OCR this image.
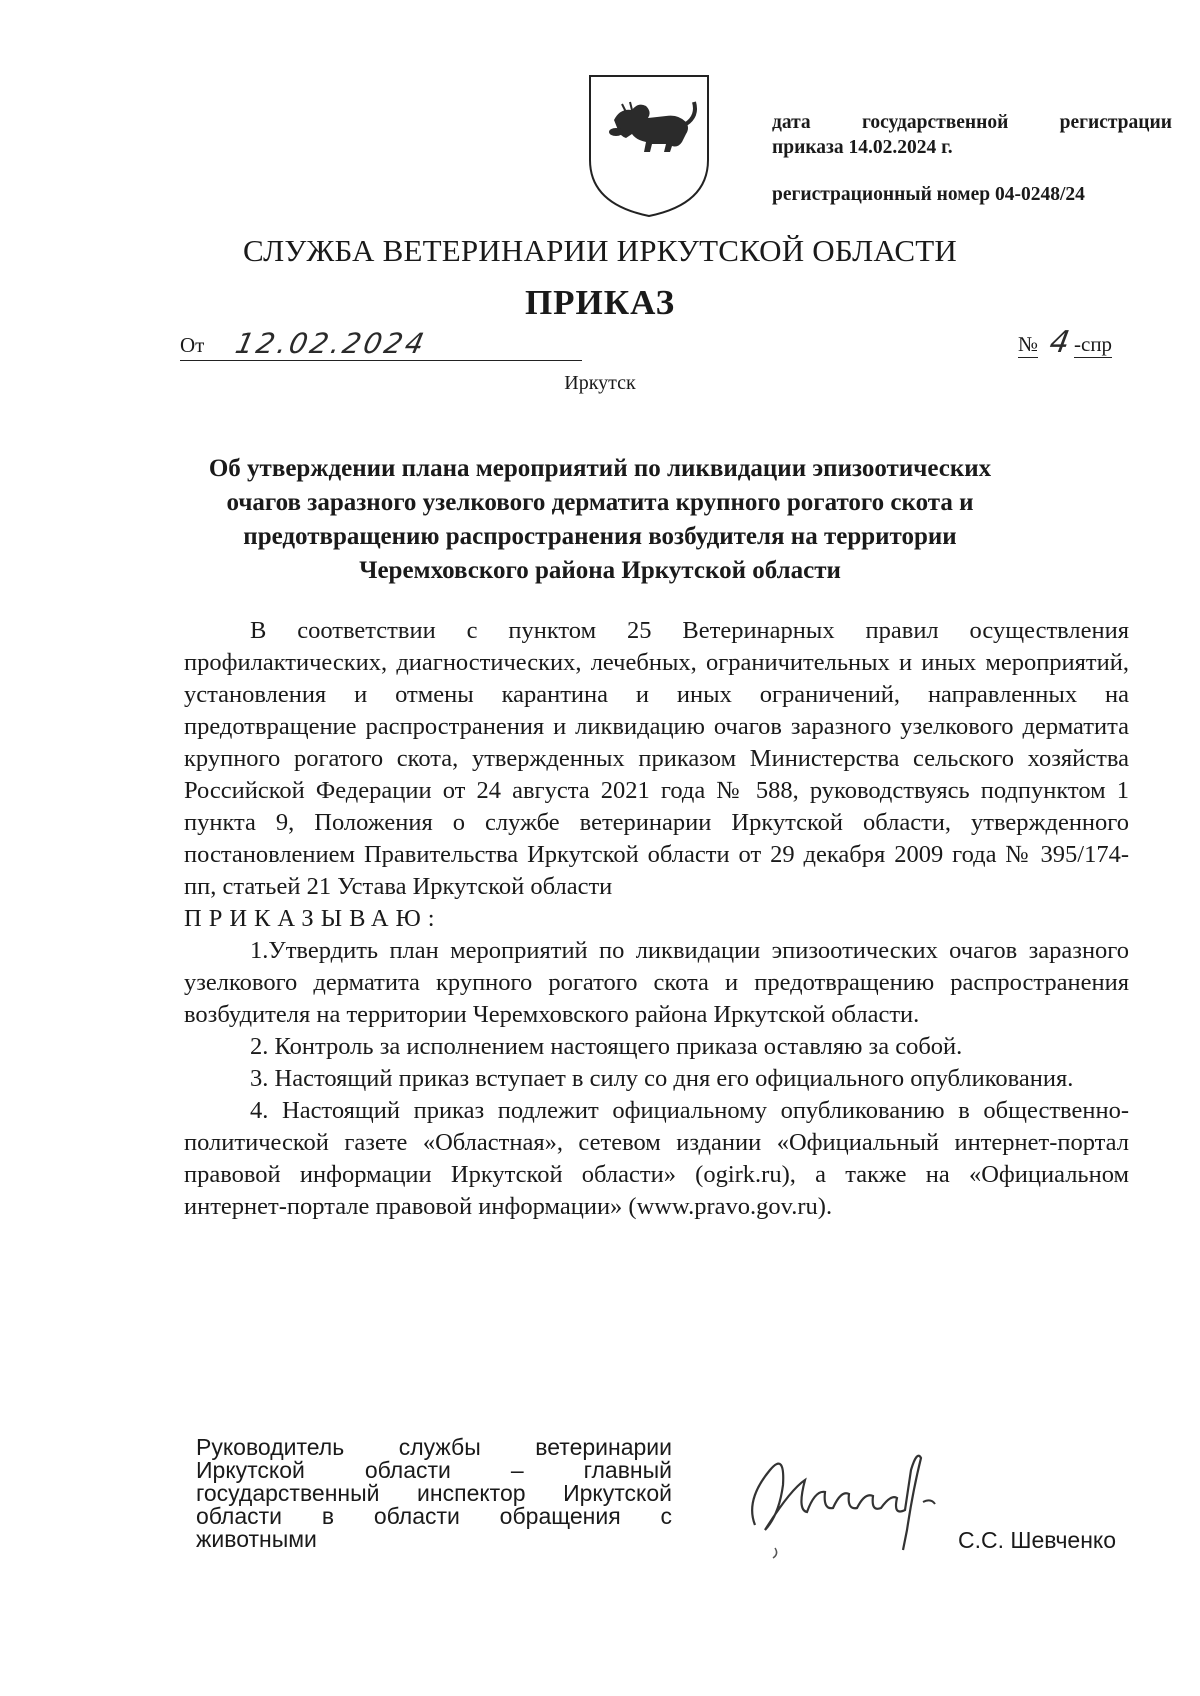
дата	государственной	регистрации
приказа 14.02.2024 г.
регистрационный номер 04-0248/24
СЛУЖБА ВЕТЕРИНАРИИ ИРКУТСКОЙ ОБЛАСТИ
ПРИКАЗ
От 12.02.2024	№ 4 -спр
Иркутск
Об утверждении плана мероприятий по ликвидации эпизоотических
очагов заразного узелкового дерматита крупного рогатого скота и
предотвращению распространения возбудителя на территории
Черемховского района Иркутской области

В соответствии с пунктом 25 Ветеринарных правил осуществления профилактических, диагностических, лечебных, ограничительных и иных мероприятий, установления и отмены карантина и иных ограничений, направленных на предотвращение распространения и ликвидацию очагов заразного узелкового дерматита крупного рогатого скота, утвержденных приказом Министерства сельского хозяйства Российской Федерации от 24 августа 2021 года № 588, руководствуясь подпунктом 1 пункта 9, Положения о службе ветеринарии Иркутской области, утвержденного постановлением Правительства Иркутской области от 29 декабря 2009 года № 395/174-пп, статьей 21 Устава Иркутской области

ПРИКАЗЫВАЮ:

1.Утвердить план мероприятий по ликвидации эпизоотических очагов заразного узелкового дерматита крупного рогатого скота и предотвращению распространения возбудителя на территории Черемховского района Иркутской области.

2. Контроль за исполнением настоящего приказа оставляю за собой.

3. Настоящий приказ вступает в силу со дня его официального опубликования.

4. Настоящий приказ подлежит официальному опубликованию в общественно-политической газете «Областная», сетевом издании «Официальный интернет-портал правовой информации Иркутской области» (ogirk.ru), а также на «Официальном интернет-портале правовой информации» (www.pravo.gov.ru).

Руководитель службы ветеринарии
Иркутской области – главный
государственный инспектор Иркутской
области в области обращения с
животными	С.С. Шевченко
